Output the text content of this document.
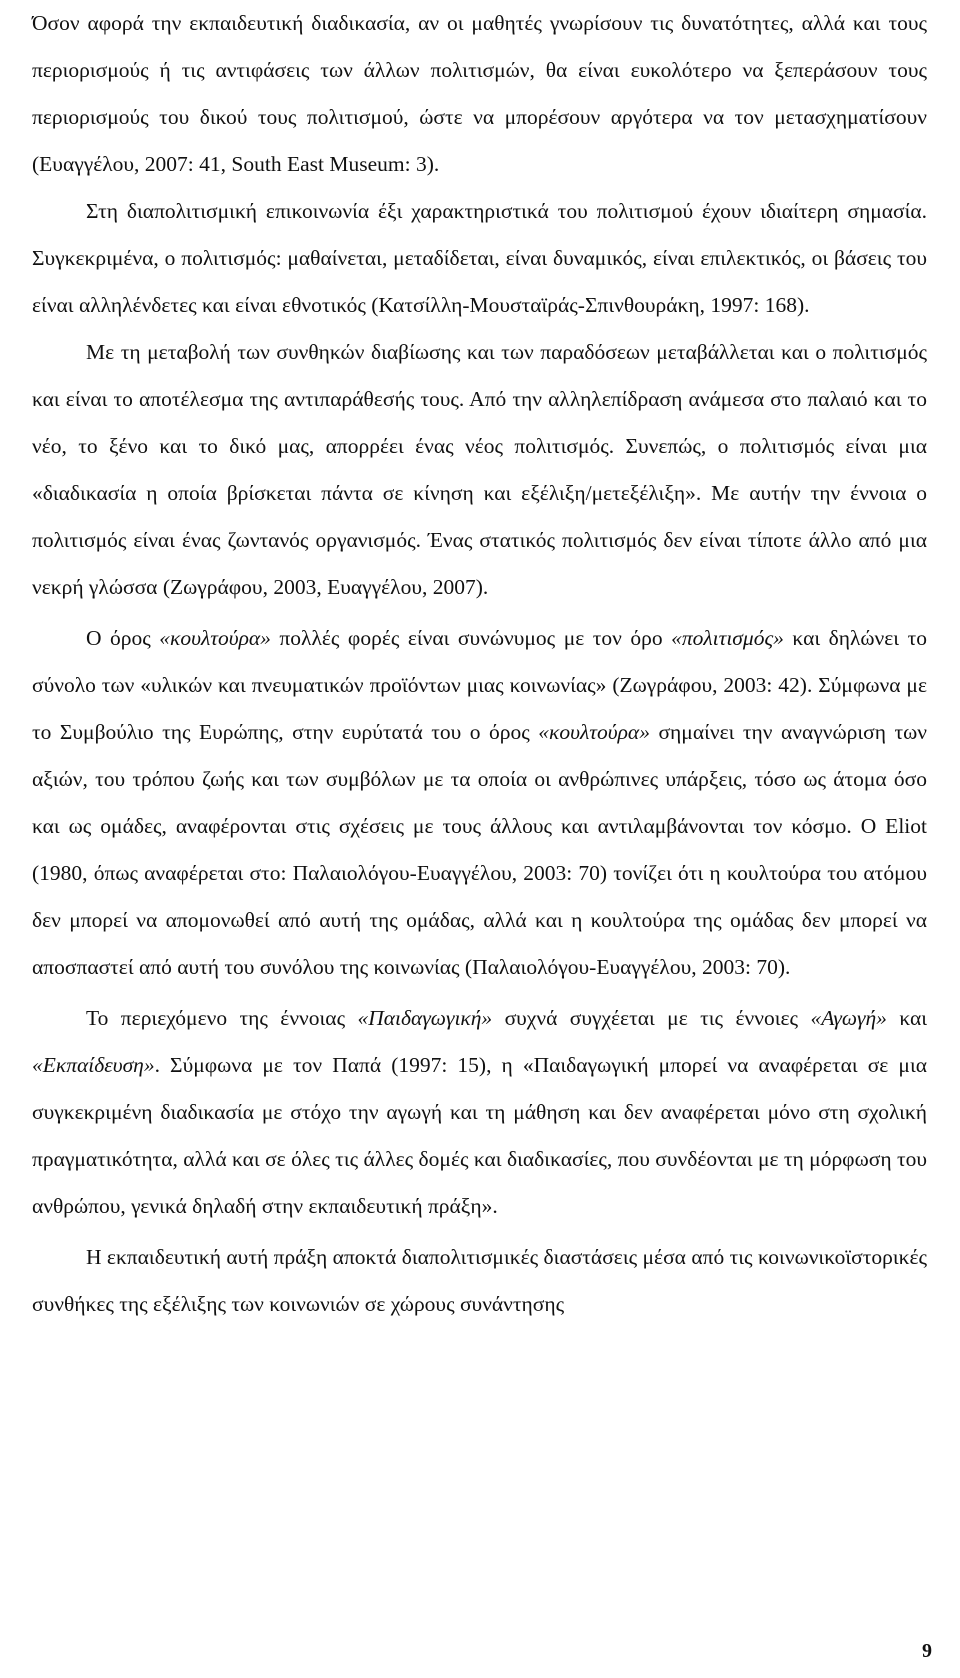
Όσον αφορά την εκπαιδευτική διαδικασία, αν οι μαθητές γνωρίσουν τις δυνατότητες, αλλά και τους περιορισμούς ή τις αντιφάσεις των άλλων πολιτισμών, θα είναι ευκολότερο να ξεπεράσουν τους περιορισμούς του δικού τους πολιτισμού, ώστε να μπορέσουν αργότερα να τον μετασχηματίσουν (Ευαγγέλου, 2007: 41, South East Museum: 3).

Στη διαπολιτισμική επικοινωνία έξι χαρακτηριστικά του πολιτισμού έχουν ιδιαίτερη σημασία. Συγκεκριμένα, ο πολιτισμός: μαθαίνεται, μεταδίδεται, είναι δυναμικός, είναι επιλεκτικός, οι βάσεις του είναι αλληλένδετες και είναι εθνοτικός (Κατσίλλη-Μουσταϊράς-Σπινθουράκη, 1997: 168).

Με τη μεταβολή των συνθηκών διαβίωσης και των παραδόσεων μεταβάλλεται και ο πολιτισμός και είναι το αποτέλεσμα της αντιπαράθεσής τους. Από την αλληλεπίδραση ανάμεσα στο παλαιό και το νέο, το ξένο και το δικό μας, απορρέει ένας νέος πολιτισμός. Συνεπώς, ο πολιτισμός είναι μια «διαδικασία η οποία βρίσκεται πάντα σε κίνηση και εξέλιξη/μετεξέλιξη». Με αυτήν την έννοια ο πολιτισμός είναι ένας ζωντανός οργανισμός. Ένας στατικός πολιτισμός δεν είναι τίποτε άλλο από μια νεκρή γλώσσα (Ζωγράφου, 2003, Ευαγγέλου, 2007).

Ο όρος «κουλτούρα» πολλές φορές είναι συνώνυμος με τον όρο «πολιτισμός» και δηλώνει το σύνολο των «υλικών και πνευματικών προϊόντων μιας κοινωνίας» (Ζωγράφου, 2003: 42). Σύμφωνα με το Συμβούλιο της Ευρώπης, στην ευρύτατά του ο όρος «κουλτούρα» σημαίνει την αναγνώριση των αξιών, του τρόπου ζωής και των συμβόλων με τα οποία οι ανθρώπινες υπάρξεις, τόσο ως άτομα όσο και ως ομάδες, αναφέρονται στις σχέσεις με τους άλλους και αντιλαμβάνονται τον κόσμο. Ο Eliot (1980, όπως αναφέρεται στο: Παλαιολόγου-Ευαγγέλου, 2003: 70) τονίζει ότι η κουλτούρα του ατόμου δεν μπορεί να απομονωθεί από αυτή της ομάδας, αλλά και η κουλτούρα της ομάδας δεν μπορεί να αποσπαστεί από αυτή του συνόλου της κοινωνίας (Παλαιολόγου-Ευαγγέλου, 2003: 70).

Το περιεχόμενο της έννοιας «Παιδαγωγική» συχνά συγχέεται με τις έννοιες «Αγωγή» και «Εκπαίδευση». Σύμφωνα με τον Παπά (1997: 15), η «Παιδαγωγική μπορεί να αναφέρεται σε μια συγκεκριμένη διαδικασία με στόχο την αγωγή και τη μάθηση και δεν αναφέρεται μόνο στη σχολική πραγματικότητα, αλλά και σε όλες τις άλλες δομές και διαδικασίες, που συνδέονται με τη μόρφωση του ανθρώπου, γενικά δηλαδή στην εκπαιδευτική πράξη».

Η εκπαιδευτική αυτή πράξη αποκτά διαπολιτισμικές διαστάσεις μέσα από τις κοινωνικοϊστορικές συνθήκες της εξέλιξης των κοινωνιών σε χώρους συνάντησης

9
